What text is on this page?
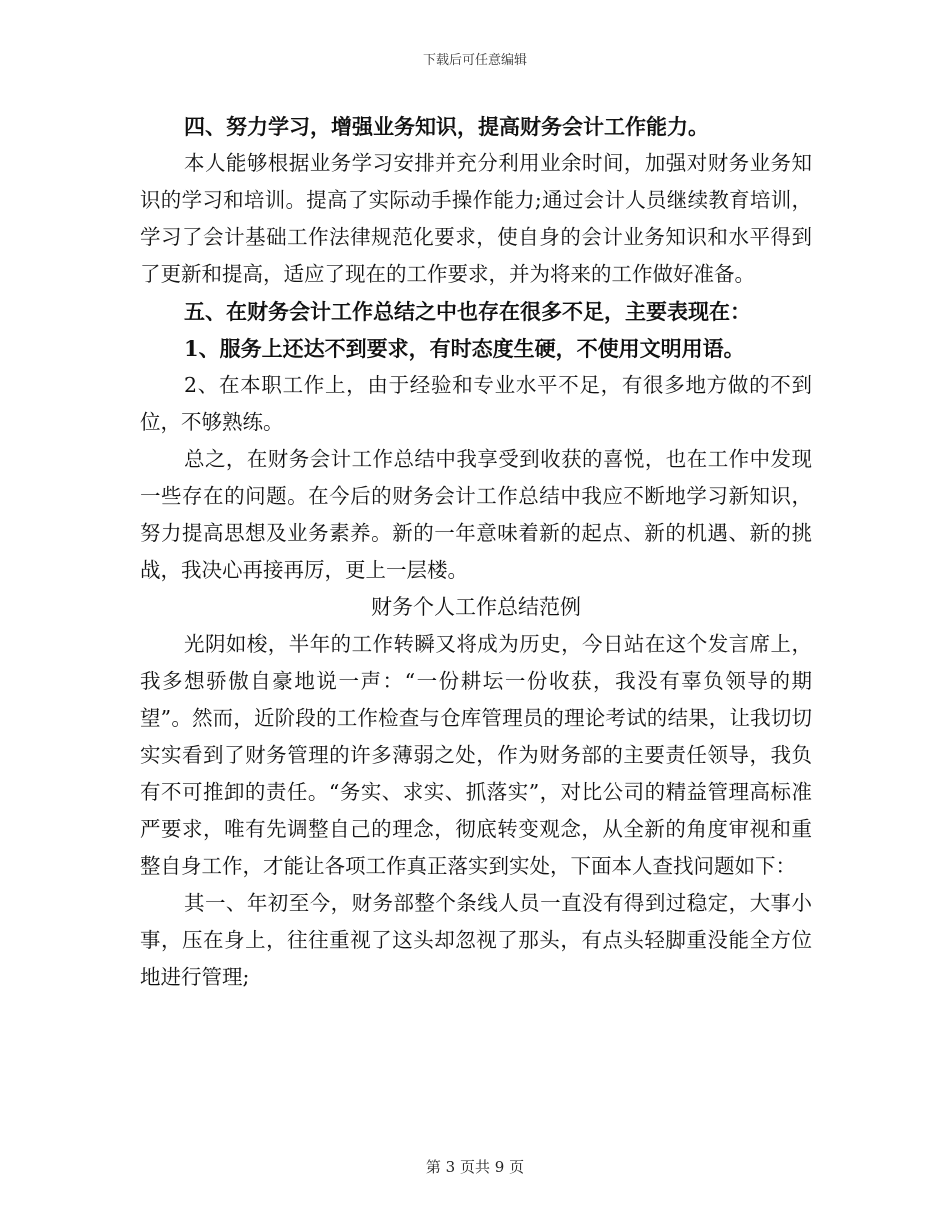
下载后可任意编辑
四、努力学习，增强业务知识，提高财务会计工作能力。

本人能够根据业务学习安排并充分利用业余时间，加强对财务业务知识的学习和培训。提高了实际动手操作能力;通过会计人员继续教育培训，学习了会计基础工作法律规范化要求，使自身的会计业务知识和水平得到了更新和提高，适应了现在的工作要求，并为将来的工作做好准备。

五、在财务会计工作总结之中也存在很多不足，主要表现在：
1、服务上还达不到要求，有时态度生硬，不使用文明用语。

2、在本职工作上，由于经验和专业水平不足，有很多地方做的不到位，不够熟练。

总之，在财务会计工作总结中我享受到收获的喜悦，也在工作中发现一些存在的问题。在今后的财务会计工作总结中我应不断地学习新知识，努力提高思想及业务素养。新的一年意味着新的起点、新的机遇、新的挑战，我决心再接再厉，更上一层楼。

财务个人工作总结范例

光阴如梭，半年的工作转瞬又将成为历史，今日站在这个发言席上，我多想骄傲自豪地说一声：“一份耕坛一份收获，我没有辜负领导的期望”。然而，近阶段的工作检查与仓库管理员的理论考试的结果，让我切切实实看到了财务管理的许多薄弱之处，作为财务部的主要责任领导，我负有不可推卸的责任。“务实、求实、抓落实”，对比公司的精益管理高标准严要求，唯有先调整自己的理念，彻底转变观念，从全新的角度审视和重整自身工作，才能让各项工作真正落实到实处，下面本人查找问题如下：

其一、年初至今，财务部整个条线人员一直没有得到过稳定，大事小事，压在身上，往往重视了这头却忽视了那头，有点头轻脚重没能全方位地进行管理;

第 3 页共 9 页
